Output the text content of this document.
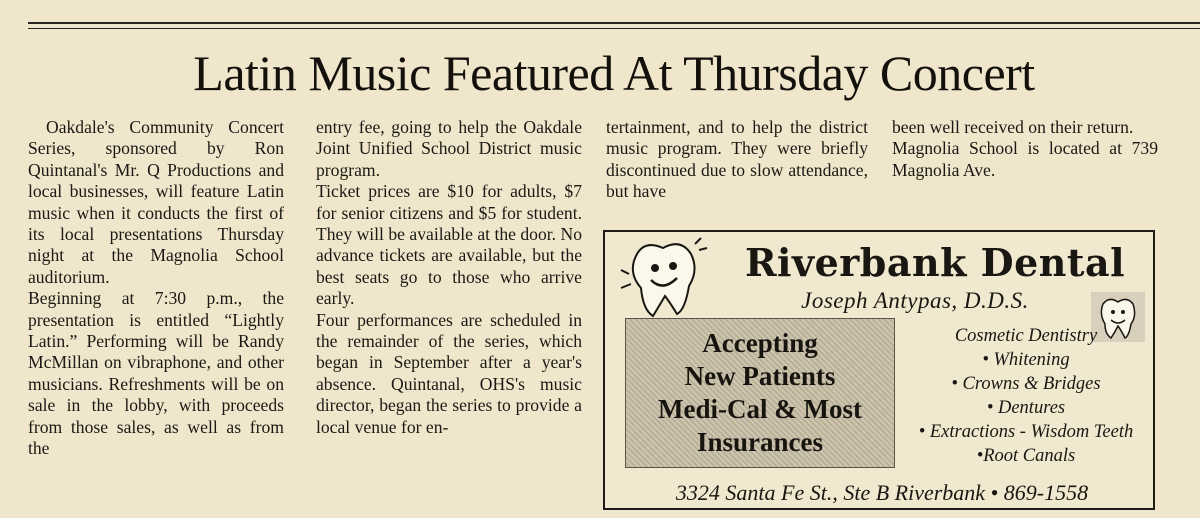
Latin Music Featured At Thursday Concert

Oakdale's Community Concert Series, sponsored by Ron Quintanal's Mr. Q Productions and local businesses, will feature Latin music when it conducts the first of its local presentations Thursday night at the Magnolia School auditorium.

Beginning at 7:30 p.m., the presentation is entitled “Lightly Latin.” Performing will be Randy McMillan on vibraphone, and other musicians. Refreshments will be on sale in the lobby, with proceeds from those sales, as well as from the

entry fee, going to help the Oakdale Joint Unified School District music program.

Ticket prices are $10 for adults, $7 for senior citizens and $5 for student. They will be available at the door. No advance tickets are available, but the best seats go to those who arrive early.

Four performances are scheduled in the remainder of the series, which began in September after a year's absence. Quintanal, OHS's music director, began the series to provide a local venue for en-

tertainment, and to help the district music program. They were briefly discontinued due to slow attendance, but have

been well received on their return.

Magnolia School is located at 739 Magnolia Ave.

Riverbank Dental
Joseph Antypas, D.D.S.
Accepting
New Patients
Medi-Cal & Most
Insurances
Cosmetic Dentistry
• Whitening
• Crowns & Bridges
• Dentures
• Extractions - Wisdom Teeth
•Root Canals
3324 Santa Fe St., Ste B Riverbank • 869-1558
